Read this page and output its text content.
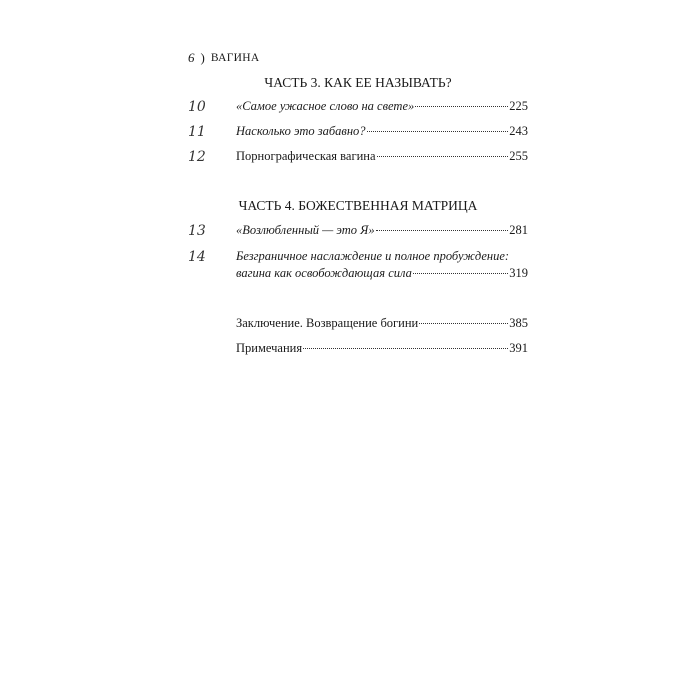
6 ) ВАГИНА
ЧАСТЬ 3. КАК ЕЕ НАЗЫВАТЬ?
10 «Самое ужасное слово на свете»	225
11 Насколько это забавно?	243
12 Порнографическая вагина	255
ЧАСТЬ 4. БОЖЕСТВЕННАЯ МАТРИЦА
13 «Возлюбленный — это Я»	281
14 Безграничное наслаждение и полное пробуждение:
вагина как освобождающая сила	319
Заключение. Возвращение богини	385
Примечания	391
